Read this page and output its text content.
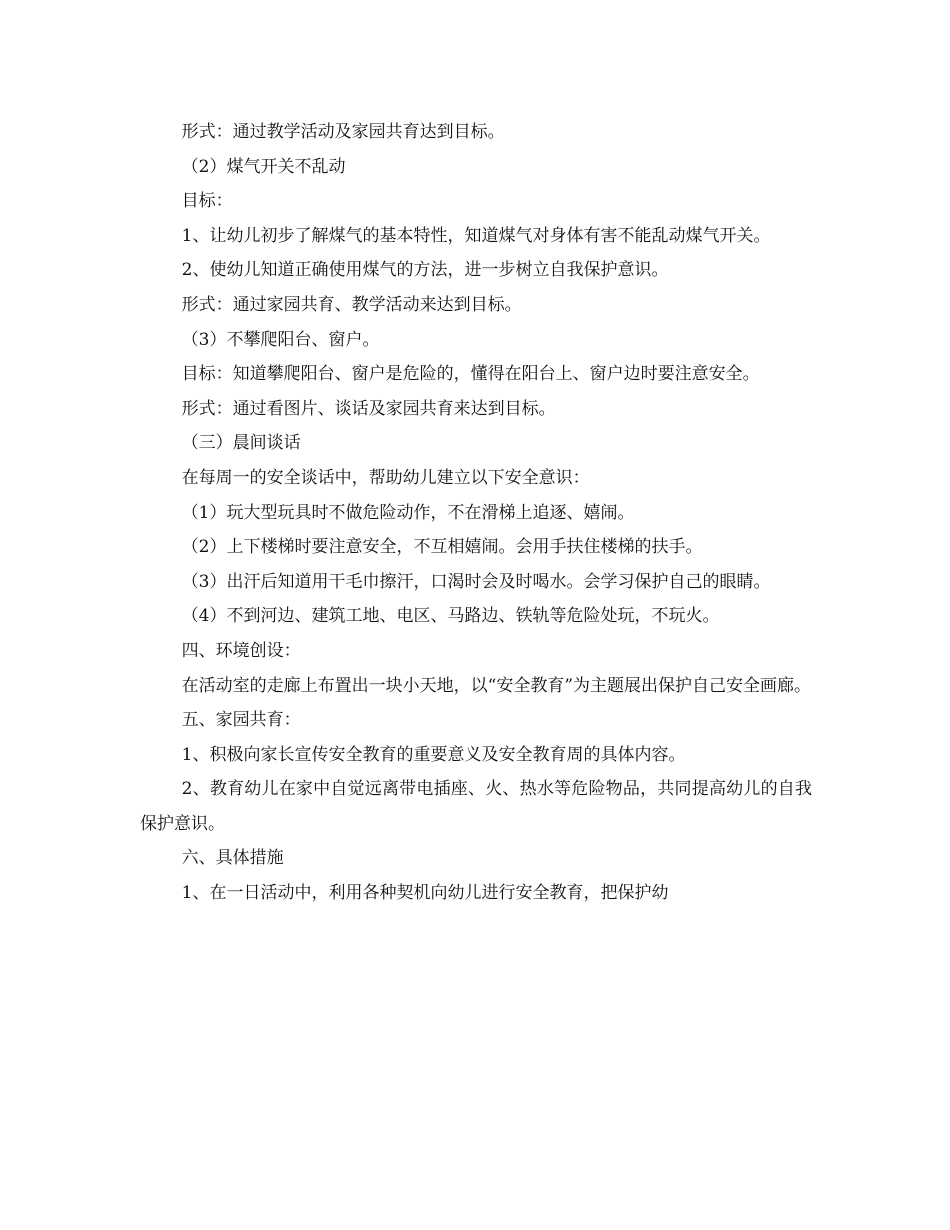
形式：通过教学活动及家园共育达到目标。

（2）煤气开关不乱动

目标：

1、让幼儿初步了解煤气的基本特性，知道煤气对身体有害不能乱动煤气开关。

2、使幼儿知道正确使用煤气的方法，进一步树立自我保护意识。

形式：通过家园共育、教学活动来达到目标。

（3）不攀爬阳台、窗户。

目标：知道攀爬阳台、窗户是危险的，懂得在阳台上、窗户边时要注意安全。

形式：通过看图片、谈话及家园共育来达到目标。

（三）晨间谈话

在每周一的安全谈话中，帮助幼儿建立以下安全意识：

（1）玩大型玩具时不做危险动作，不在滑梯上追逐、嬉闹。

（2）上下楼梯时要注意安全，不互相嬉闹。会用手扶住楼梯的扶手。

（3）出汗后知道用干毛巾擦汗，口渴时会及时喝水。会学习保护自己的眼睛。

（4）不到河边、建筑工地、电区、马路边、铁轨等危险处玩，不玩火。

四、环境创设：

在活动室的走廊上布置出一块小天地，以“安全教育”为主题展出保护自己安全画廊。

五、家园共育：

1、积极向家长宣传安全教育的重要意义及安全教育周的具体内容。

2、教育幼儿在家中自觉远离带电插座、火、热水等危险物品，共同提高幼儿的自我保护意识。

六、具体措施

1、在一日活动中，利用各种契机向幼儿进行安全教育，把保护幼
